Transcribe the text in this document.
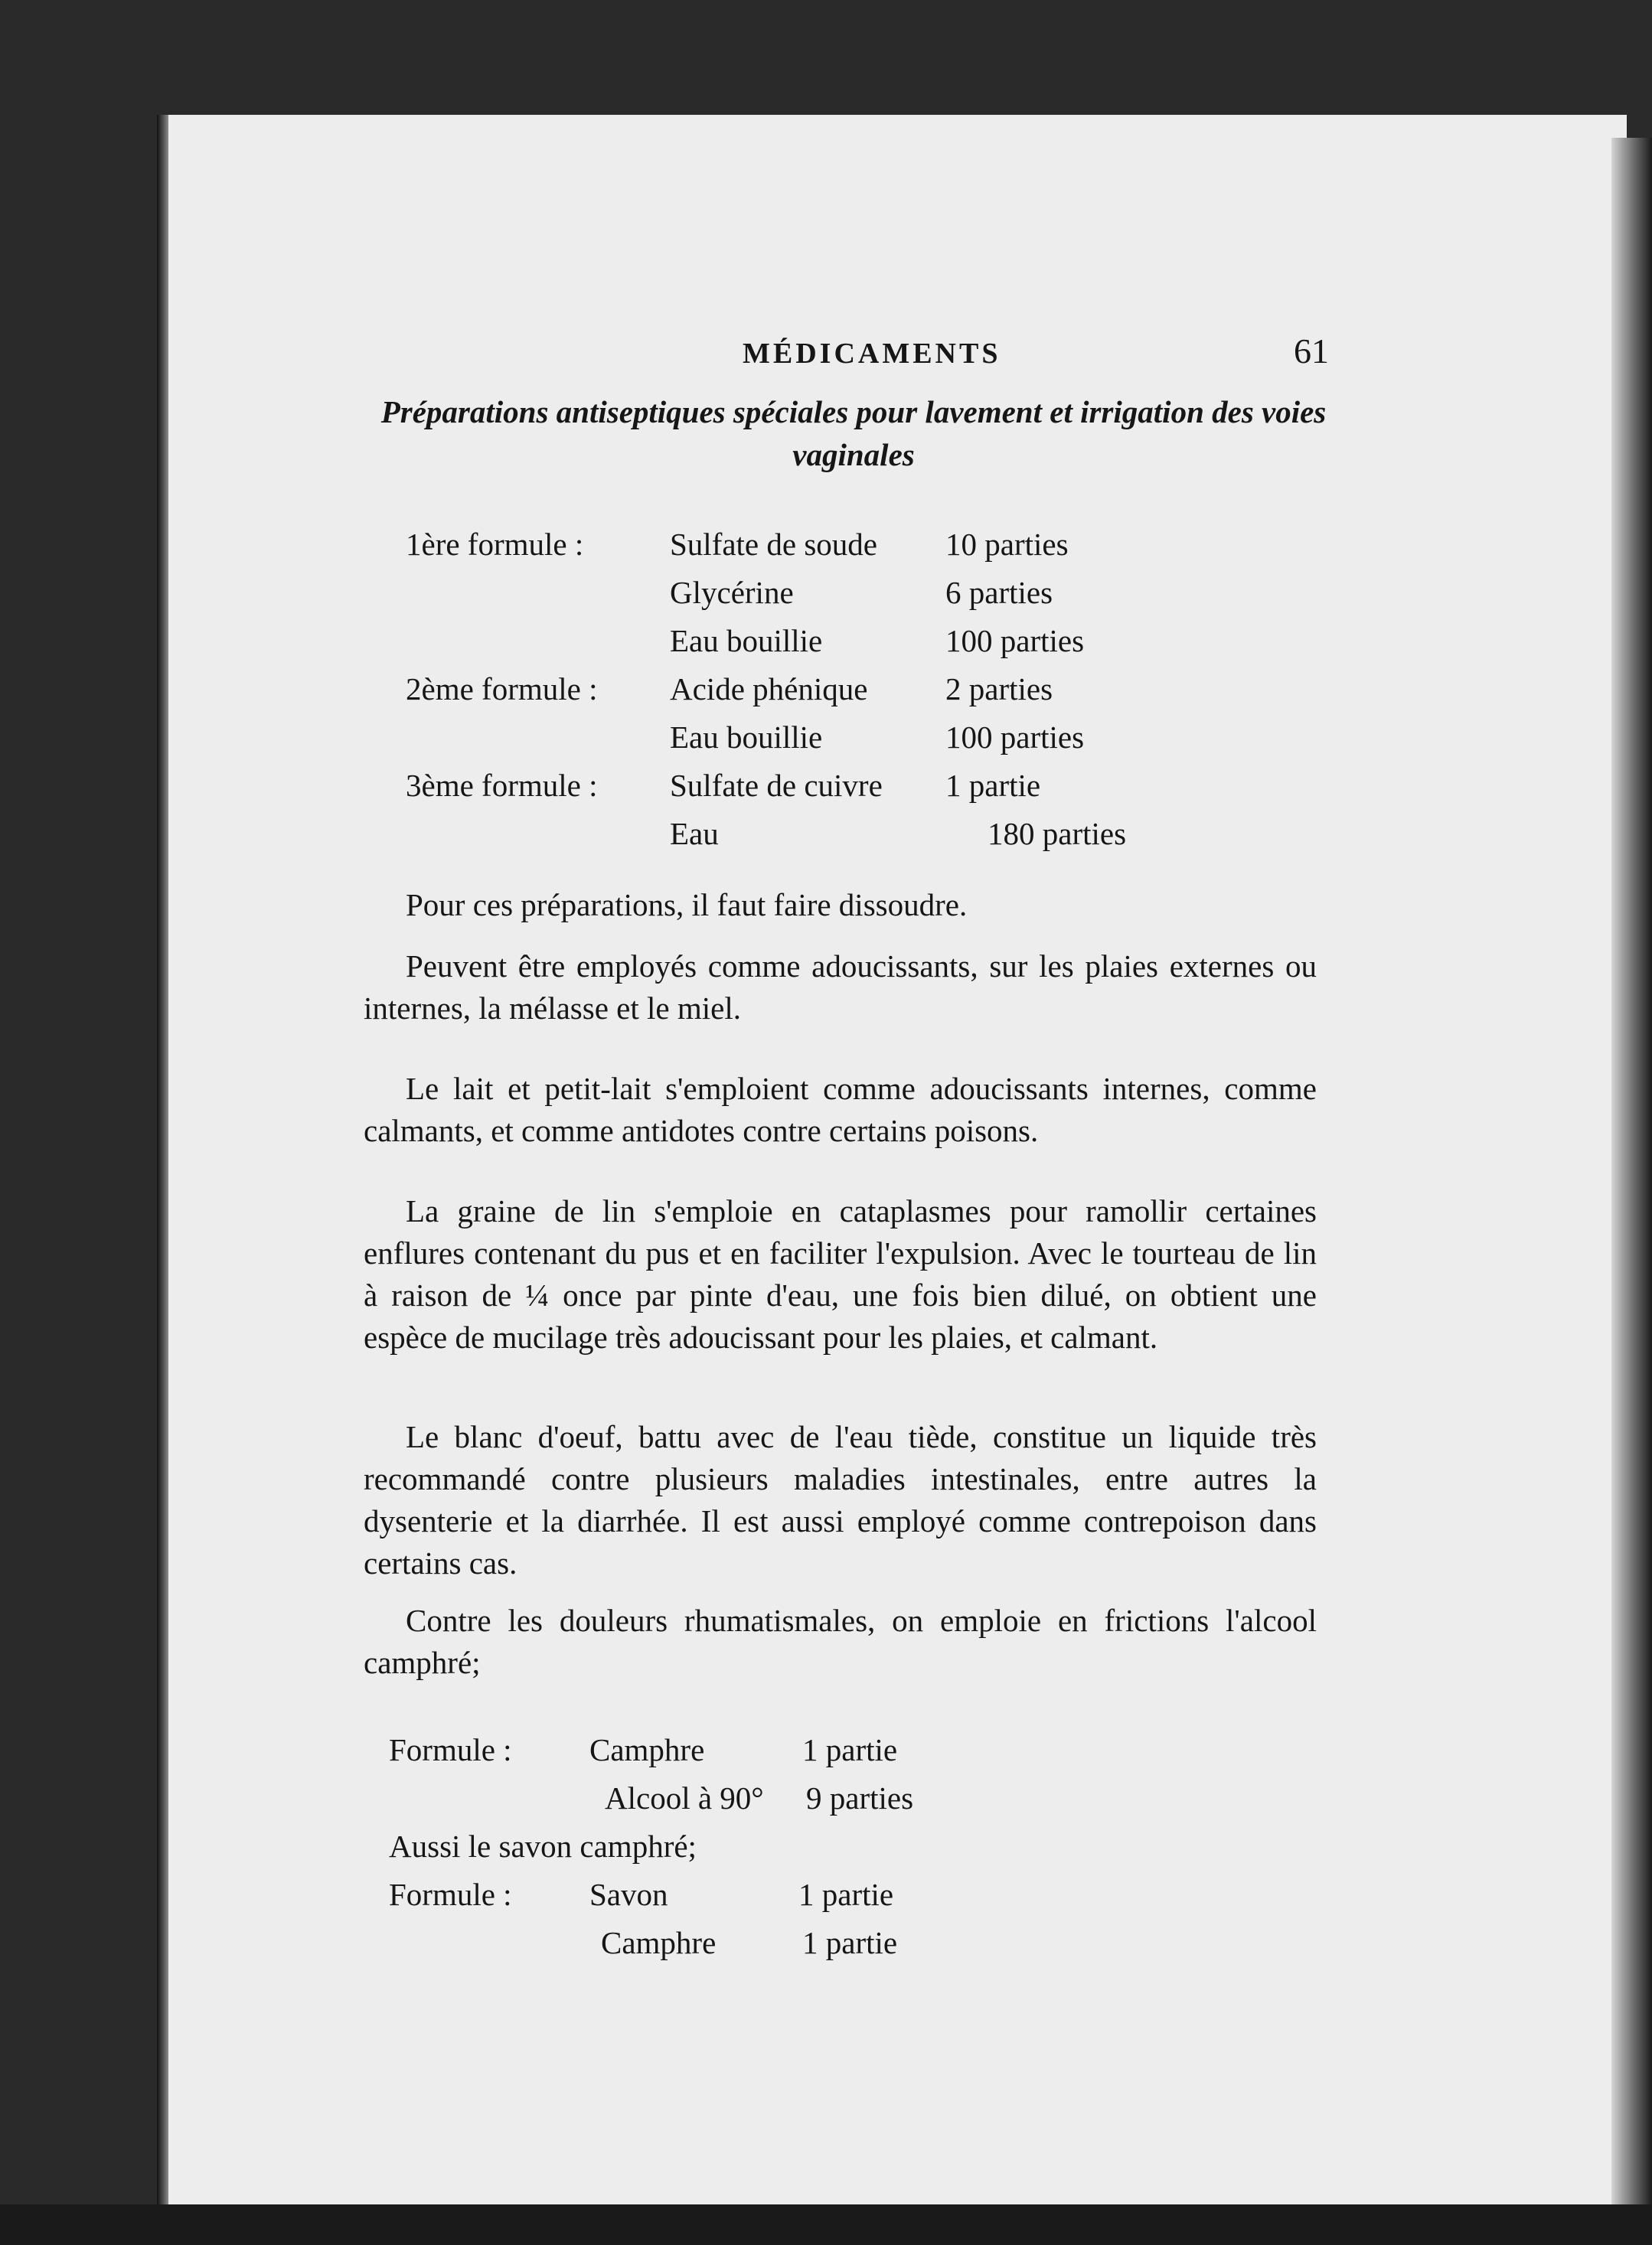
MÉDICAMENTS	61
Préparations antiseptiques spéciales pour lavement et irrigation des voies vaginales
1ère formule :	Sulfate de soude 10 parties
Glycérine	6 parties
Eau bouillie	100 parties
2ème formule : Acide phénique 2 parties
Eau bouillie	100 parties
3ème formule : Sulfate de cuivre 1 partie
Eau	180 parties

Pour ces préparations, il faut faire dissoudre.

Peuvent être employés comme adoucissants, sur les plaies externes ou internes, la mélasse et le miel.

Le lait et petit-lait s'emploient comme adoucissants internes, comme calmants, et comme antidotes contre certains poisons.

La graine de lin s'emploie en cataplasmes pour ramollir certaines enflures contenant du pus et en faciliter l'expulsion. Avec le tourteau de lin à raison de ¼ once par pinte d'eau, une fois bien dilué, on obtient une espèce de mucilage très adoucissant pour les plaies, et calmant.

Le blanc d'oeuf, battu avec de l'eau tiède, constitue un liquide très recommandé contre plusieurs maladies intestinales, entre autres la dysenterie et la diarrhée. Il est aussi employé comme contrepoison dans certains cas.

Contre les douleurs rhumatismales, on emploie en frictions l'alcool camphré;

Formule : Camphre	1 partie
Alcool à 90° 9 parties
Aussi le savon camphré;
Formule : Savon	1 partie
Camphre	1 partie
